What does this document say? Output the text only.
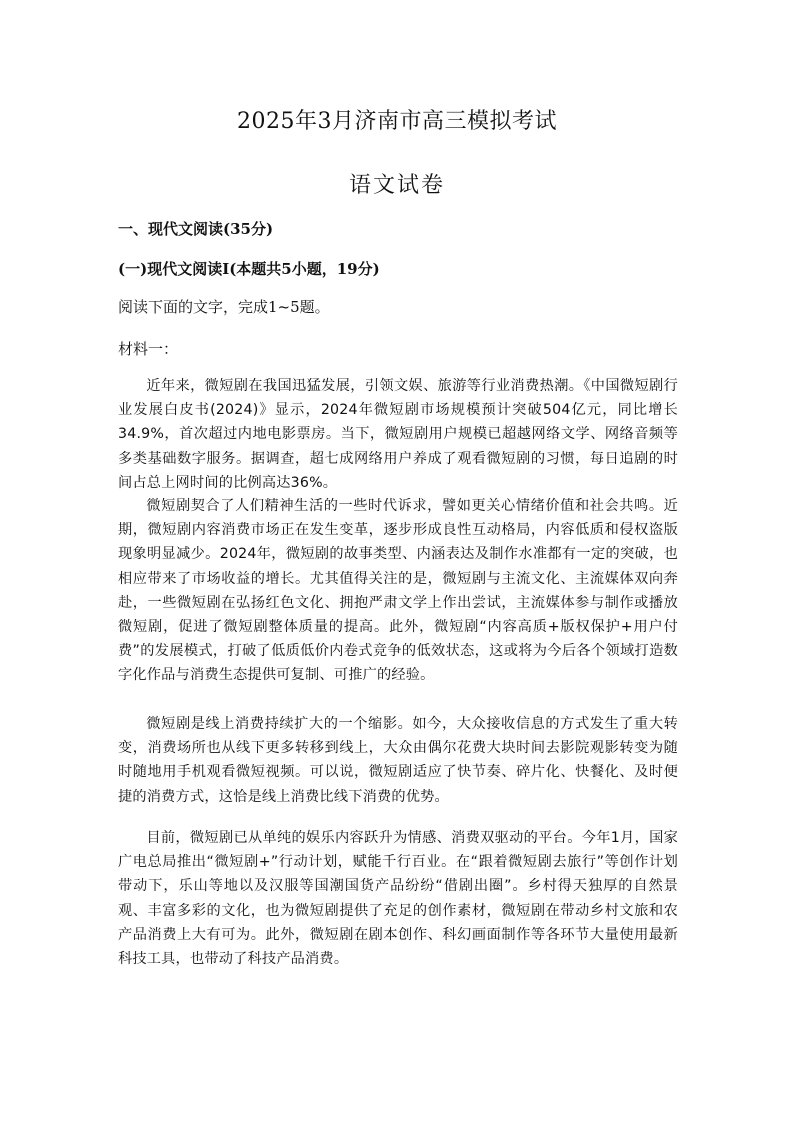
2025年3月济南市高三模拟考试
语文试卷
一、现代文阅读(35分)
(一)现代文阅读Ⅰ(本题共5小题，19分)
阅读下面的文字，完成1~5题。
材料一：

近年来，微短剧在我国迅猛发展，引领文娱、旅游等行业消费热潮。《中国微短剧行业发展白皮书(2024)》显示，2024年微短剧市场规模预计突破504亿元，同比增长34.9%，首次超过内地电影票房。当下，微短剧用户规模已超越网络文学、网络音频等多类基础数字服务。据调查，超七成网络用户养成了观看微短剧的习惯，每日追剧的时间占总上网时间的比例高达36%。

微短剧契合了人们精神生活的一些时代诉求，譬如更关心情绪价值和社会共鸣。近期，微短剧内容消费市场正在发生变革，逐步形成良性互动格局，内容低质和侵权盗版现象明显减少。2024年，微短剧的故事类型、内涵表达及制作水准都有一定的突破，也相应带来了市场收益的增长。尤其值得关注的是，微短剧与主流文化、主流媒体双向奔赴，一些微短剧在弘扬红色文化、拥抱严肃文学上作出尝试，主流媒体参与制作或播放微短剧，促进了微短剧整体质量的提高。此外，微短剧“内容高质+版权保护+用户付费”的发展模式，打破了低质低价内卷式竞争的低效状态，这或将为今后各个领域打造数字化作品与消费生态提供可复制、可推广的经验。

微短剧是线上消费持续扩大的一个缩影。如今，大众接收信息的方式发生了重大转变，消费场所也从线下更多转移到线上，大众由偶尔花费大块时间去影院观影转变为随时随地用手机观看微短视频。可以说，微短剧适应了快节奏、碎片化、快餐化、及时便捷的消费方式，这恰是线上消费比线下消费的优势。

目前，微短剧已从单纯的娱乐内容跃升为情感、消费双驱动的平台。今年1月，国家广电总局推出“微短剧+”行动计划，赋能千行百业。在“跟着微短剧去旅行”等创作计划带动下，乐山等地以及汉服等国潮国货产品纷纷“借剧出圈”。乡村得天独厚的自然景观、丰富多彩的文化，也为微短剧提供了充足的创作素材，微短剧在带动乡村文旅和农产品消费上大有可为。此外，微短剧在剧本创作、科幻画面制作等各环节大量使用最新科技工具，也带动了科技产品消费。
